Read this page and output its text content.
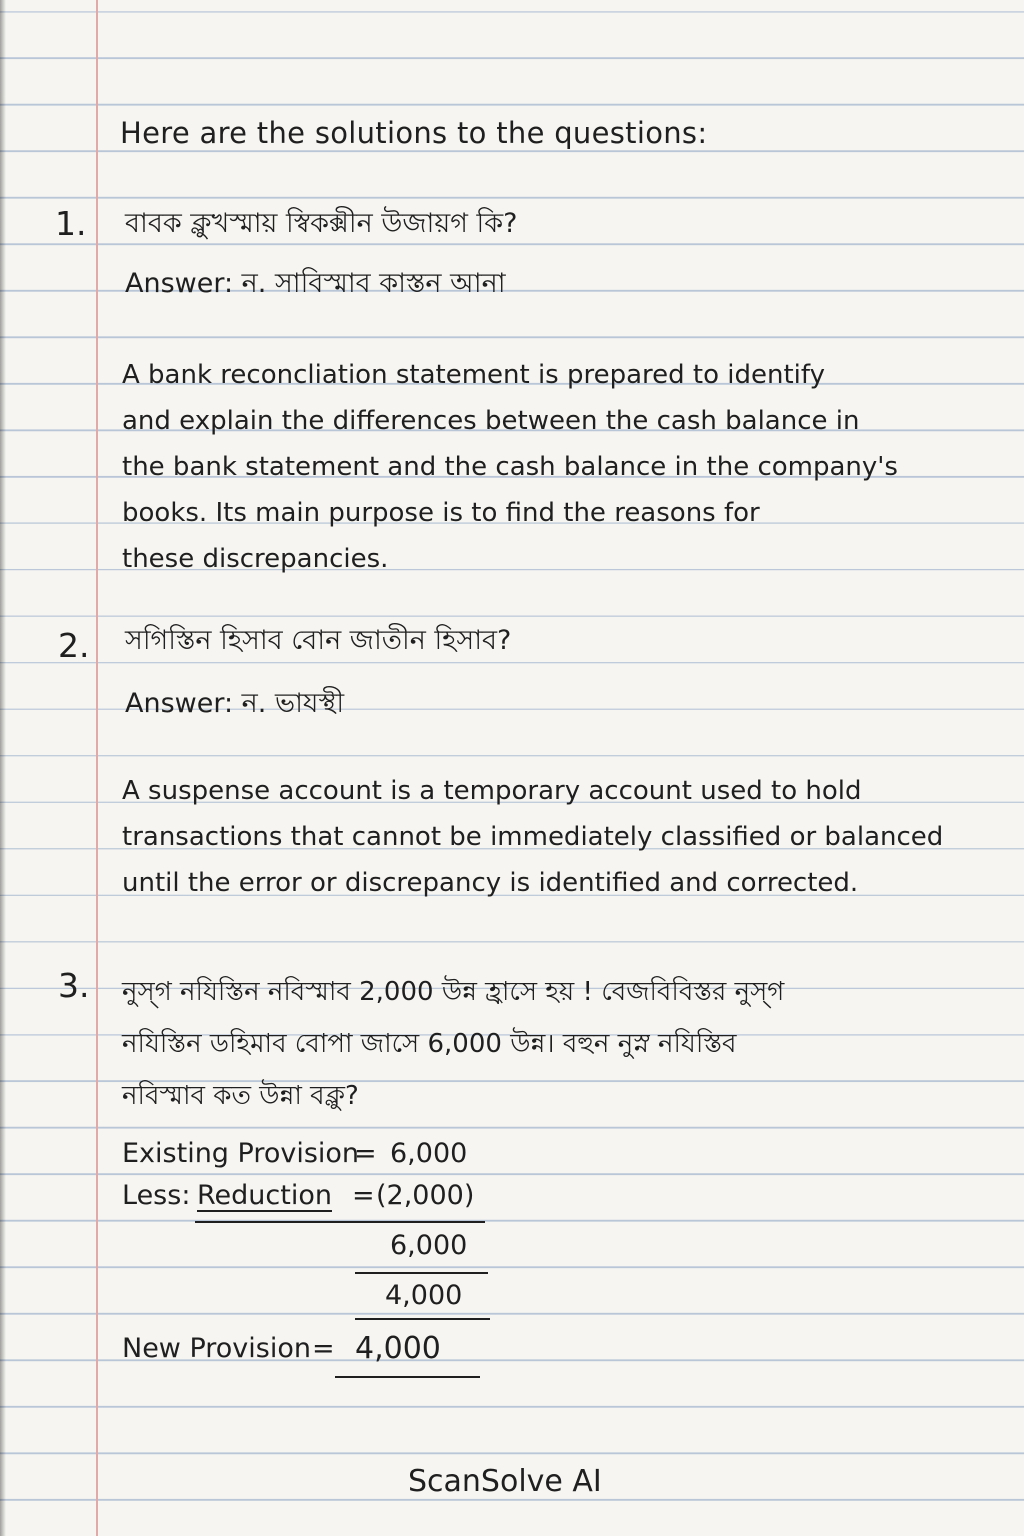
Here are the solutions to the questions:
1. বাবক ক্লুখস্মায় স্বিকক্সীন উজায়গ কি?
Answer: ন. সাবিস্মাব কাস্তন আনা
A bank reconcliation statement is prepared to identify
and explain the differences between the cash balance in
the bank statement and the cash balance in the company's
books. Its main purpose is to find the reasons for
these discrepancies.
2. সগিস্তিন হিসাব বোন জাতীন হিসাব?
Answer: ন. ভাযস্থী
A suspense account is a temporary account used to hold
transactions that cannot be immediately classified or balanced
until the error or discrepancy is identified and corrected.
3. নুস্গ নযিস্তিন নবিস্মাব 2,000 উন্ন হ্রাসে হয় ! বেজবিবিস্তর নুস্গ
নযিস্তিন ডহিমাব বোপা জাসে 6,000 উন্ন। বহুন নুস্ন নযিস্তিব
নবিস্মাব কত উন্না বক্লু?
Existing Provision
= 6,000
Less: Reduction = (2,000)
6,000
4,000
New Provision = 4,000
ScanSolve AI
